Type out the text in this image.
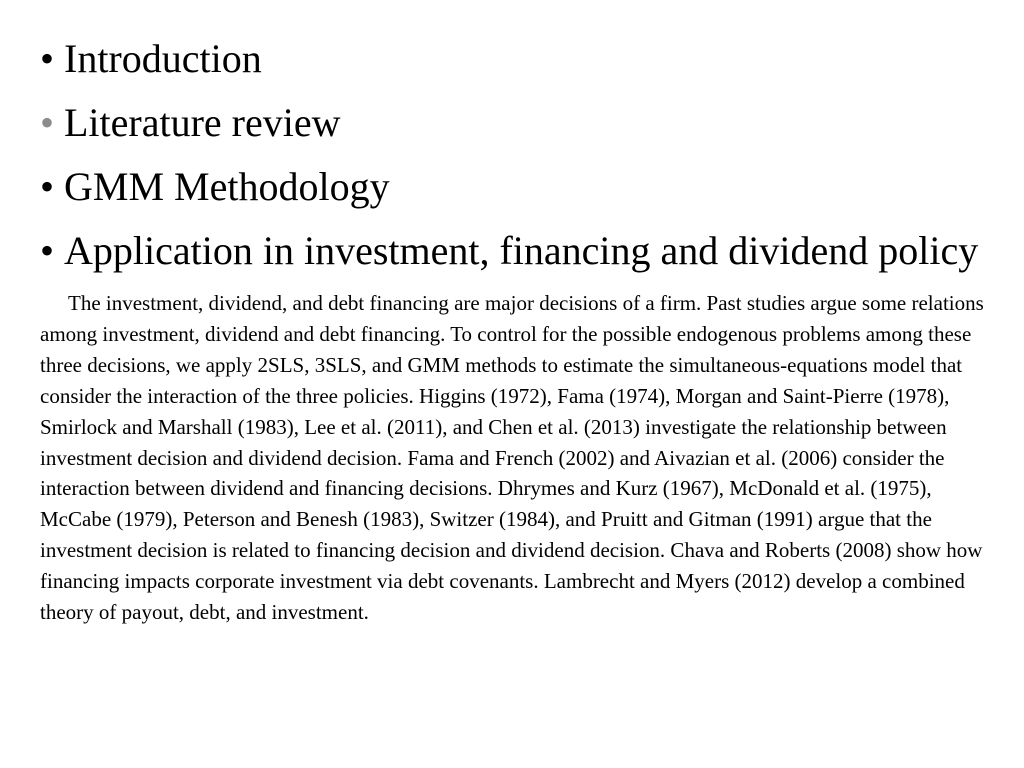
• Introduction
• Literature review
• GMM Methodology
• Application in investment, financing and dividend policy

The investment, dividend, and debt financing are major decisions of a firm. Past studies argue some relations among investment, dividend and debt financing. To control for the possible endogenous problems among these three decisions, we apply 2SLS, 3SLS, and GMM methods to estimate the simultaneous-equations model that consider the interaction of the three policies. Higgins (1972), Fama (1974), Morgan and Saint-Pierre (1978), Smirlock and Marshall (1983), Lee et al. (2011), and Chen et al. (2013) investigate the relationship between investment decision and dividend decision. Fama and French (2002) and Aivazian et al. (2006) consider the interaction between dividend and financing decisions. Dhrymes and Kurz (1967), McDonald et al. (1975), McCabe (1979), Peterson and Benesh (1983), Switzer (1984), and Pruitt and Gitman (1991) argue that the investment decision is related to financing decision and dividend decision. Chava and Roberts (2008) show how financing impacts corporate investment via debt covenants. Lambrecht and Myers (2012) develop a combined theory of payout, debt, and investment.
